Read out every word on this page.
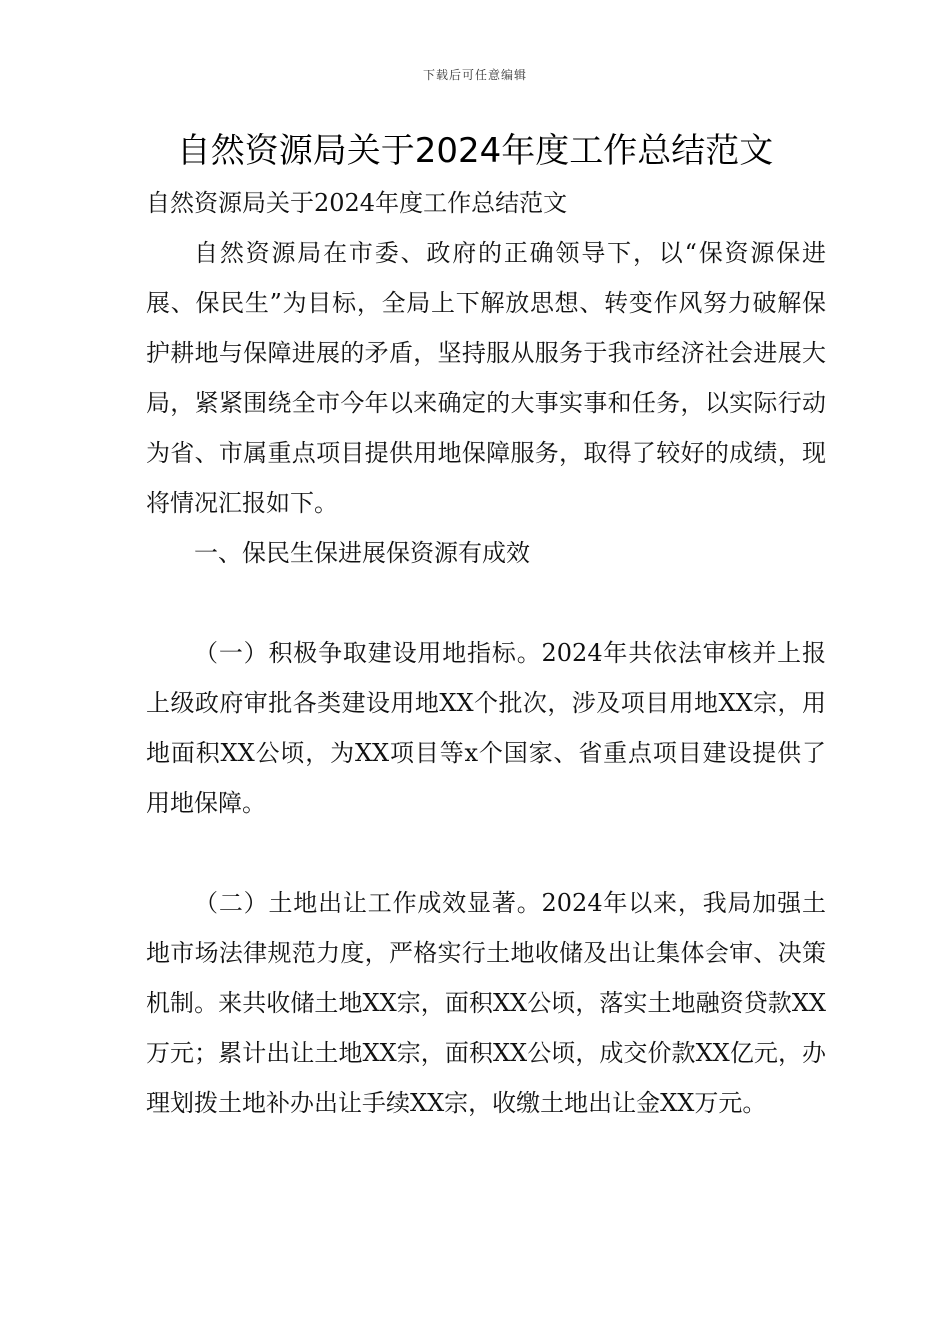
下载后可任意编辑
自然资源局关于2024年度工作总结范文

自然资源局关于2024年度工作总结范文

自然资源局在市委、政府的正确领导下，以“保资源保进展、保民生”为目标，全局上下解放思想、转变作风努力破解保护耕地与保障进展的矛盾，坚持服从服务于我市经济社会进展大局，紧紧围绕全市今年以来确定的大事实事和任务，以实际行动为省、市属重点项目提供用地保障服务，取得了较好的成绩，现将情况汇报如下。

一、保民生保进展保资源有成效

（一）积极争取建设用地指标。2024年共依法审核并上报上级政府审批各类建设用地XX个批次，涉及项目用地XX宗，用地面积XX公顷，为XX项目等x个国家、省重点项目建设提供了用地保障。

（二）土地出让工作成效显著。2024年以来，我局加强土地市场法律规范力度，严格实行土地收储及出让集体会审、决策机制。来共收储土地XX宗，面积XX公顷，落实土地融资贷款XX万元；累计出让土地XX宗，面积XX公顷，成交价款XX亿元，办理划拨土地补办出让手续XX宗，收缴土地出让金XX万元。
